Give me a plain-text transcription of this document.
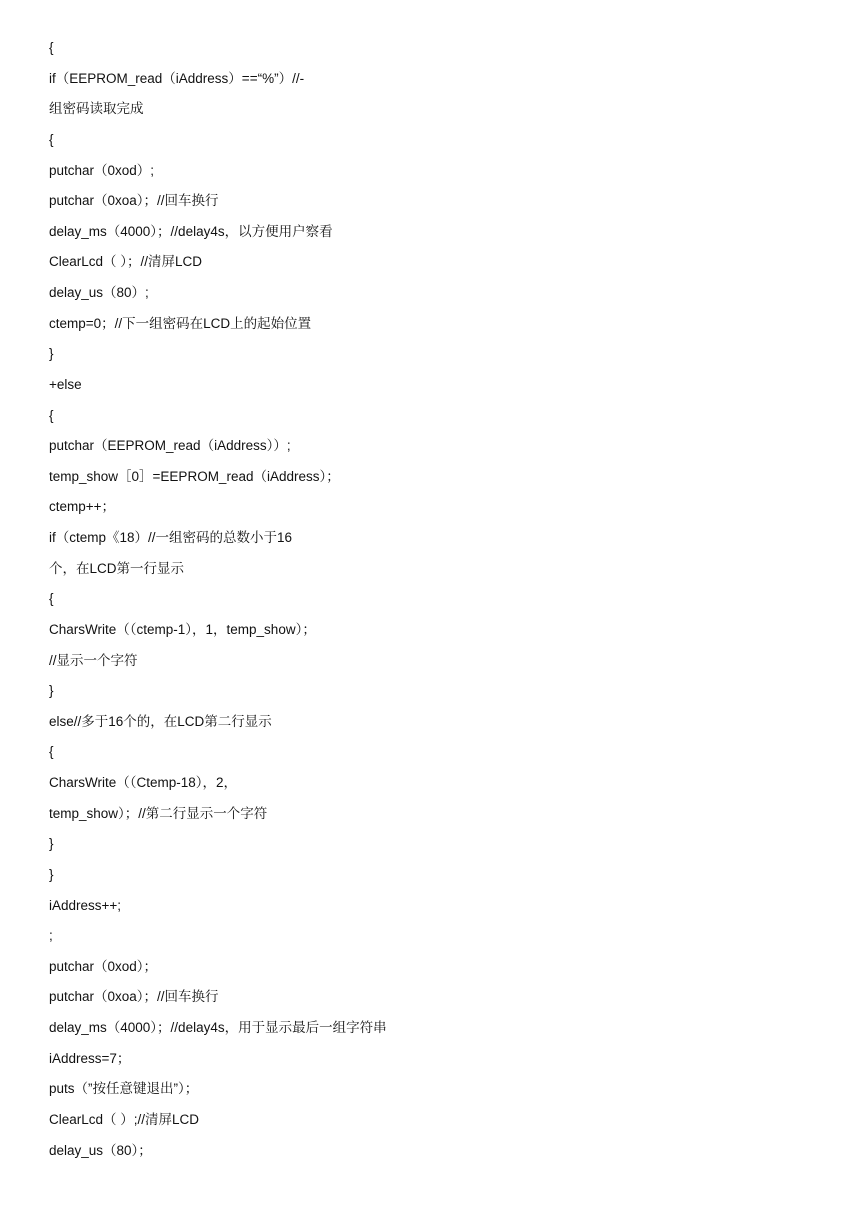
{
if（EEPROM_read（iAddress）==“%”）//-
组密码读取完成
{
putchar（0xod）;
putchar（0xoa）；//回车换行
delay_ms（4000）；//delay4s，以方便用户察看
ClearLcd（ ）；//清屏LCD
delay_us（80）;
ctemp=0；//下一组密码在LCD上的起始位置
}
+else
{
putchar（EEPROM_read（iAddress））;
temp_show［0］=EEPROM_read（iAddress）；
ctemp++；
if（ctemp《18）//一组密码的总数小于16
个，在LCD第一行显示
{
CharsWrite（（ctemp-1），1，temp_show）；
//显示一个字符
}
else//多于16个的，在LCD第二行显示
{
CharsWrite（（Ctemp-18），2，
temp_show）；//第二行显示一个字符
}
}
iAddress++;
;
putchar（0xod）；
putchar（0xoa）；//回车换行
delay_ms（4000）；//delay4s，用于显示最后一组字符串
iAddress=7；
puts（”按任意键退出”）；
ClearLcd（ ）;//清屏LCD
delay_us（80）；
